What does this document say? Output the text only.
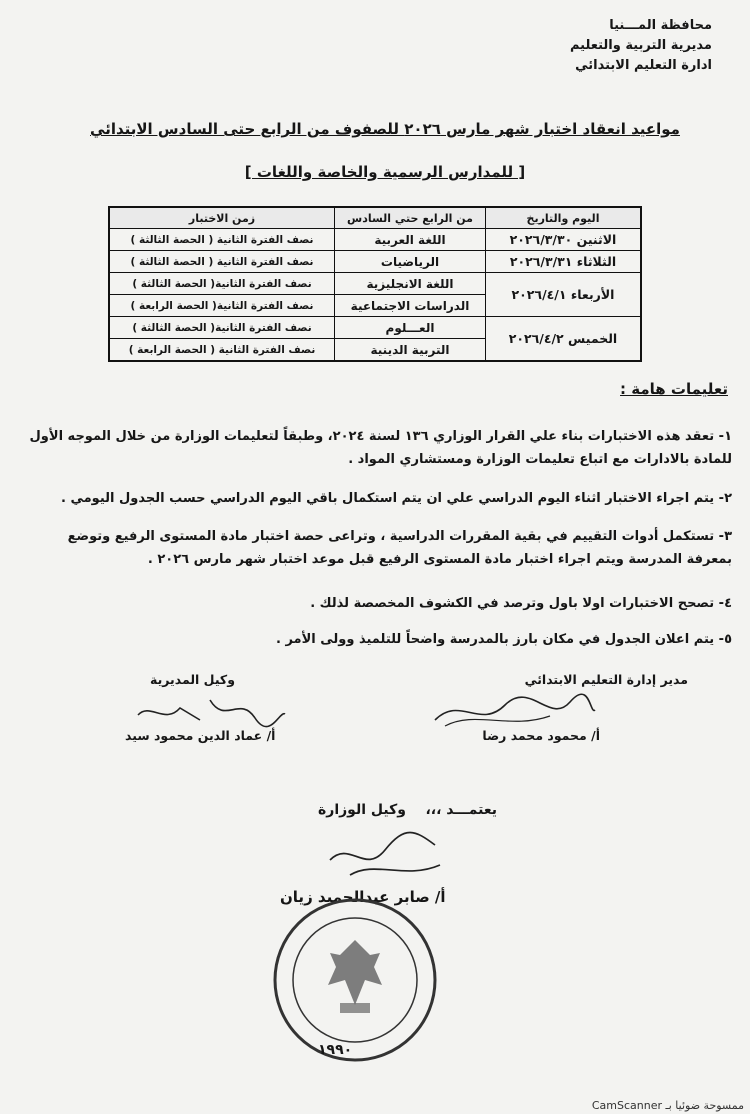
محافظة المـــنيا
مديرية التربية والتعليم
ادارة التعليم الابتدائي
مواعيد انعقاد اختبار شهر مارس ٢٠٢٦ للصفوف من الرابع حتى السادس الابتدائي
[ للمدارس الرسمية والخاصة واللغات ]
اليوم والتاريخ	من الرابع حتي السادس	زمن الاختبار
الاثنين ٢٠٢٦/٣/٣٠	اللغة العربية	نصف الفترة الثانية ( الحصة الثالثة )
الثلاثاء ٢٠٢٦/٣/٣١	الرياضيات	نصف الفترة الثانية ( الحصة الثالثة )
الأربعاء ٢٠٢٦/٤/١	اللغة الانجليزية	نصف الفترة الثانية( الحصة الثالثة )
	الدراسات الاجتماعية	نصف الفترة الثانية( الحصة الرابعة )
الخميس ٢٠٢٦/٤/٢	العـــلوم	نصف الفترة الثانية( الحصة الثالثة )
	التربية الدينية	نصف الفترة الثانية ( الحصة الرابعة )
تعليمات هامة :
١- تعقد هذه الاختبارات بناء علي القرار الوزاري ١٣٦ لسنة ٢٠٢٤، وطبقاً لتعليمات الوزارة من خلال الموجه الأول للمادة بالادارات مع اتباع تعليمات الوزارة ومستشاري المواد .
٢- يتم اجراء الاختبار اثناء اليوم الدراسي علي ان يتم استكمال باقي اليوم الدراسي حسب الجدول اليومي .
٣- تستكمل أدوات التقييم في بقية المقررات الدراسية ، وتراعى حصة اختبار مادة المستوى الرفيع وتوضع بمعرفة المدرسة ويتم اجراء اختبار مادة المستوى الرفيع قبل موعد اختبار شهر مارس ٢٠٢٦ .
٤- تصحح الاختبارات اولا باول وترصد في الكشوف المخصصة لذلك .
٥- يتم اعلان الجدول في مكان بارز بالمدرسة واضحاً للتلميذ وولى الأمر .
مدير إدارة التعليم الابتدائي
وكيل المديرية
أ/ محمود محمد رضا
أ/ عماد الدين محمود سيد
يعتمـــد ،،،    وكيل الوزارة
أ/ صابر عبدالحميد زيان
١٩٩٠
ممسوحة ضوئيا بـ CamScanner
